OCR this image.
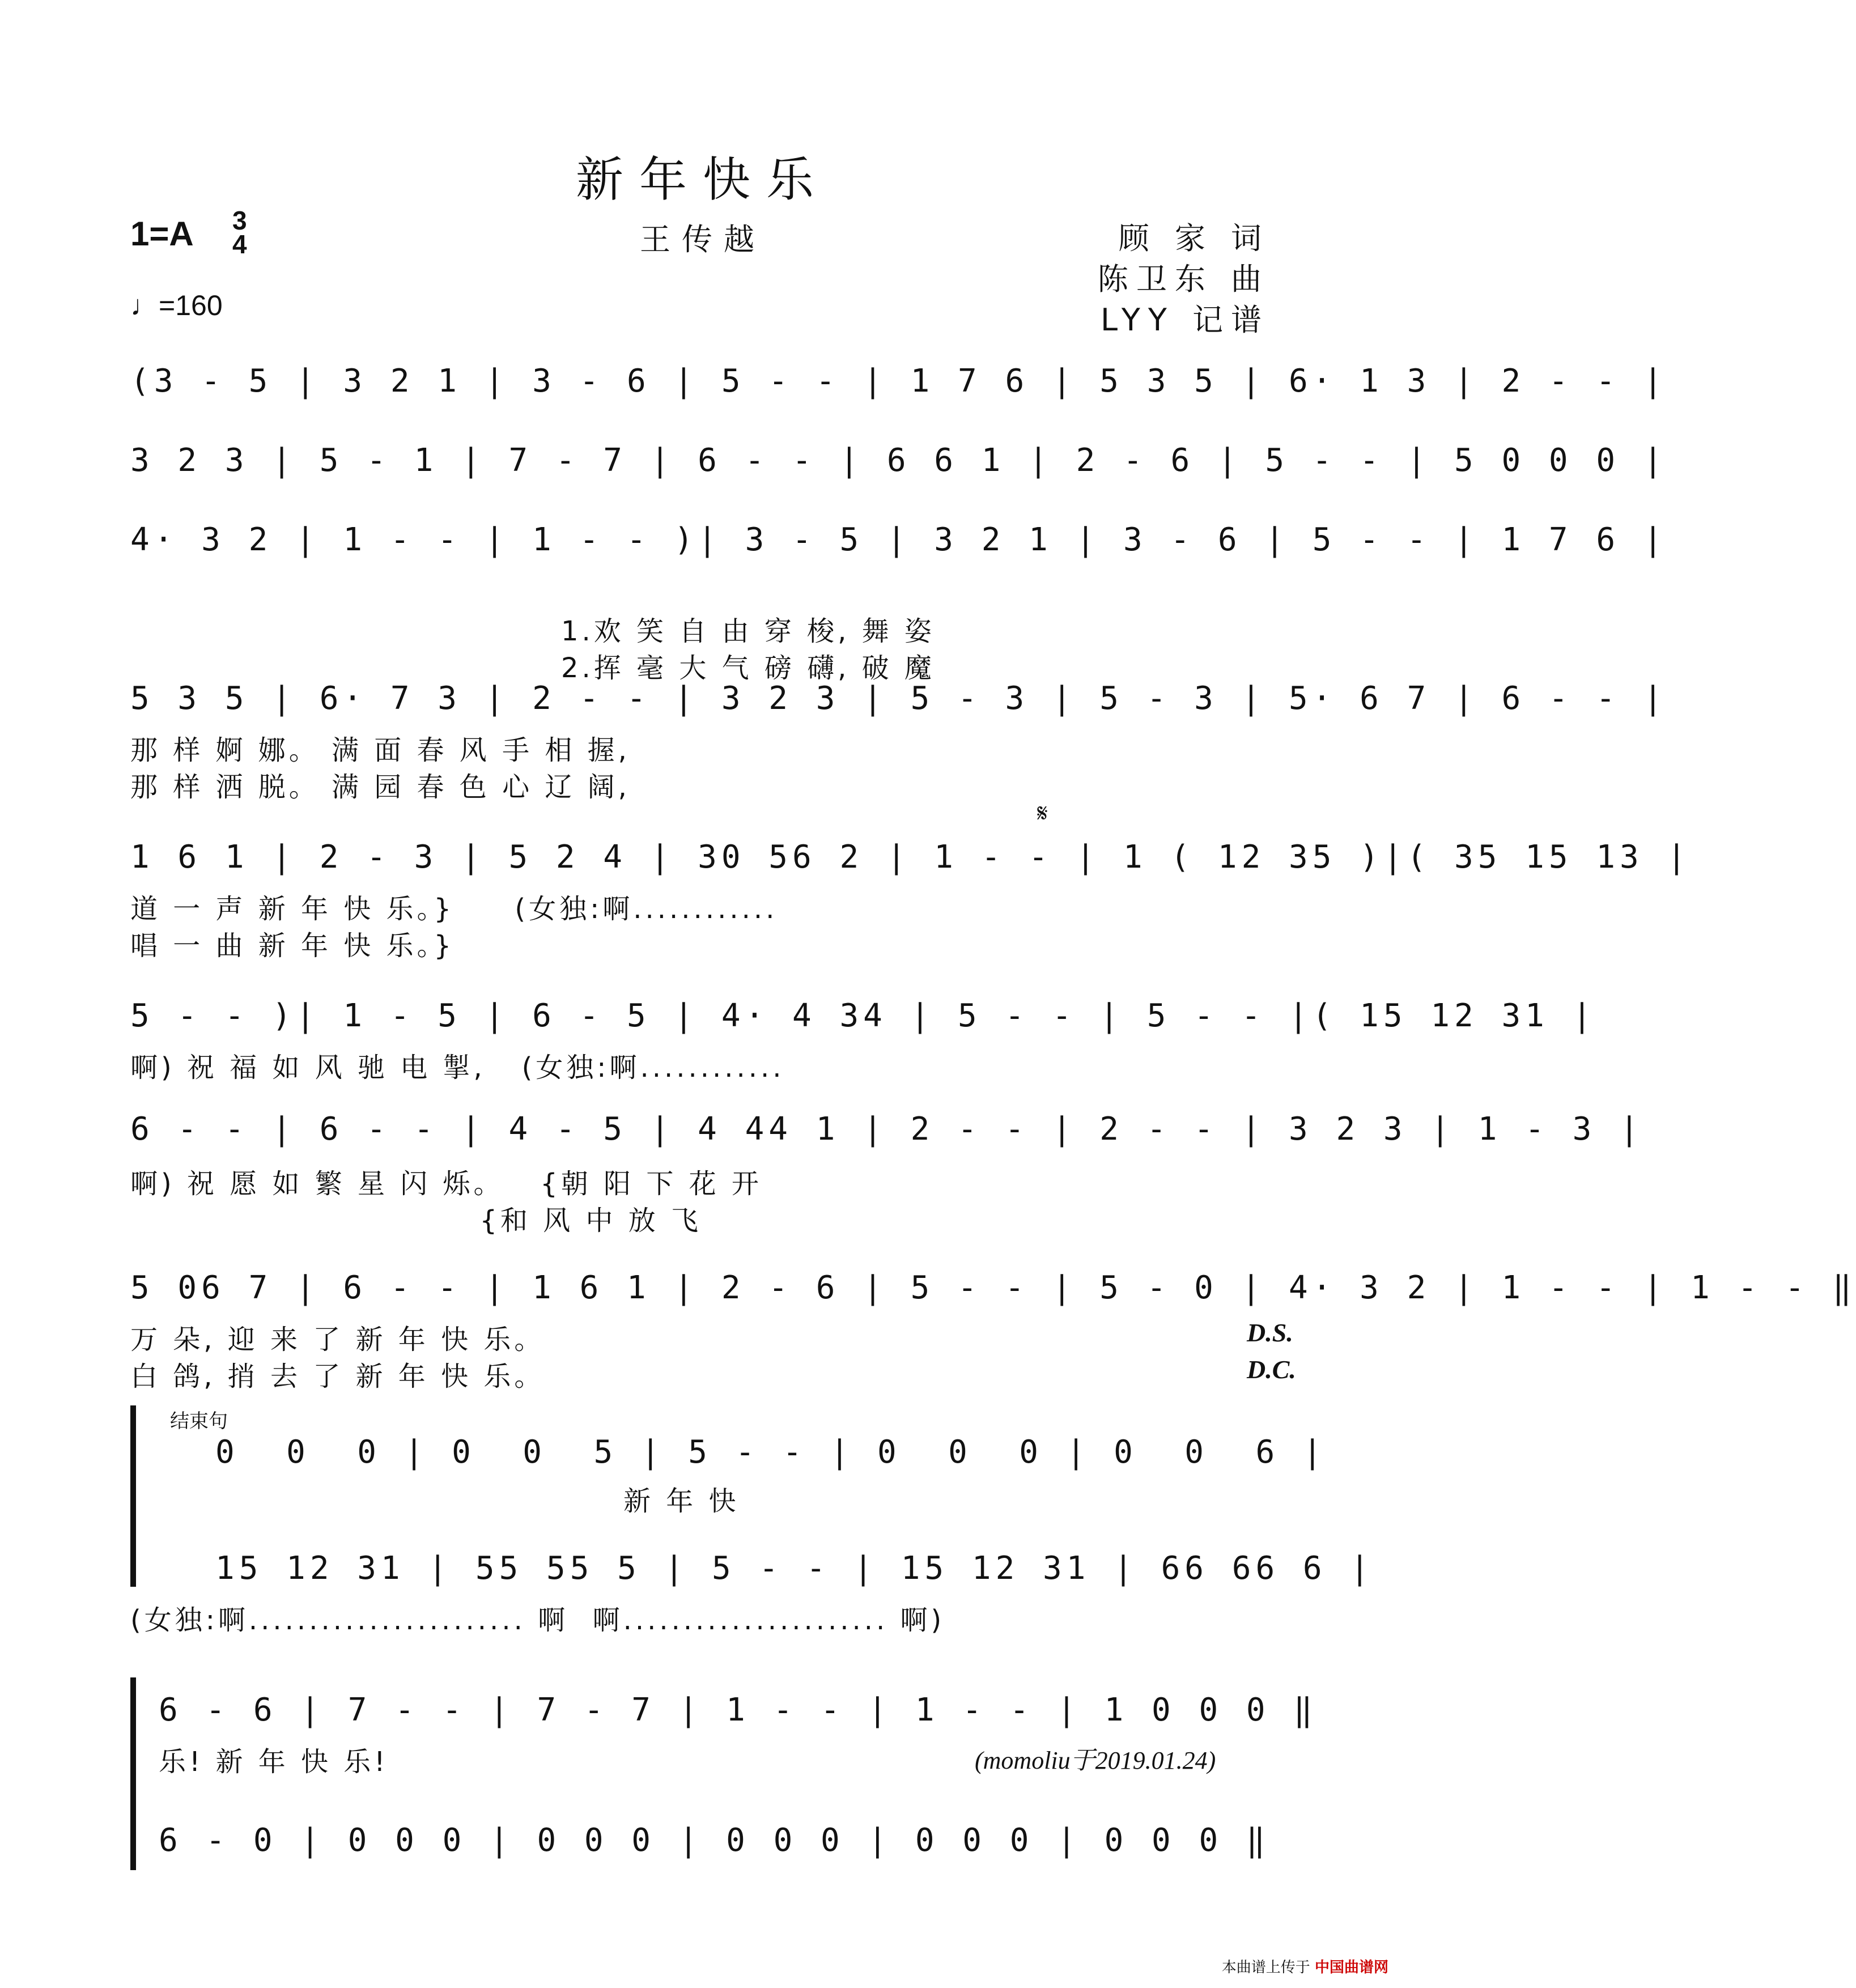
新年快乐
王传越
1=A 3
4
♩=160
顾 家 词
陈卫东 曲
LYY 记谱
(3 - 5 | 3 2 1 | 3 - 6 | 5 - - | 1 7 6 | 5 3 5 | 6· 1 3 | 2 - - |
3 2 3 | 5 - 1 | 7 - 7 | 6 - - | 6 6 1 | 2 - 6 | 5 - - | 5 0 0 0 |
4· 3 2 | 1 - - | 1 - - )| 3 - 5 | 3 2 1 | 3 - 6 | 5 - - | 1 7 6 |
1.欢 笑 自 由 穿 梭, 舞 姿
2.挥 毫 大 气 磅 礴, 破 魔
5 3 5 | 6· 7 3 | 2 - - | 3 2 3 | 5 - 3 | 5 - 3 | 5· 6 7 | 6 - - |
那 样 婀 娜。 满 面 春 风 手 相 握,
那 样 洒 脱。 满 园 春 色 心 辽 阔,
𝄋
1 6 1 | 2 - 3 | 5 2 4 | 30 56 2 | 1 - - | 1 ( 12 35 )|( 35 15 13 |
道 一 声 新 年 快 乐。}     (女独:啊............
唱 一 曲 新 年 快 乐。}
5 - - )| 1 - 5 | 6 - 5 | 4· 4 34 | 5 - - | 5 - - |( 15 12 31 |
啊) 祝 福 如 风 驰 电 掣,   (女独:啊............
6 - - | 6 - - | 4 - 5 | 4 44 1 | 2 - - | 2 - - | 3 2 3 | 1 - 3 |
啊) 祝 愿 如 繁 星 闪 烁。   {朝 阳 下 花 开
{和 风 中 放 飞
5 06 7 | 6 - - | 1 6 1 | 2 - 6 | 5 - - | 5 - 0 | 4· 3 2 | 1 - - | 1 - - ‖
万 朵, 迎 来 了 新 年 快 乐。
白 鸽, 捎 去 了 新 年 快 乐。
D.S.
D.C.
结束句
0  0  0 | 0  0  5 | 5 - - | 0  0  0 | 0  0  6 |
新 年 快
15 12 31 | 55 55 5 | 5 - - | 15 12 31 | 66 66 6 |
(女独:啊....................... 啊  啊...................... 啊)
6 - 6 | 7 - - | 7 - 7 | 1 - - | 1 - - | 1 0 0 0 ‖
乐! 新 年 快 乐!	(momoliu于2019.01.24)
6 - 0 | 0 0 0 | 0 0 0 | 0 0 0 | 0 0 0 | 0 0 0 ‖
本曲谱上传于 中国曲谱网
